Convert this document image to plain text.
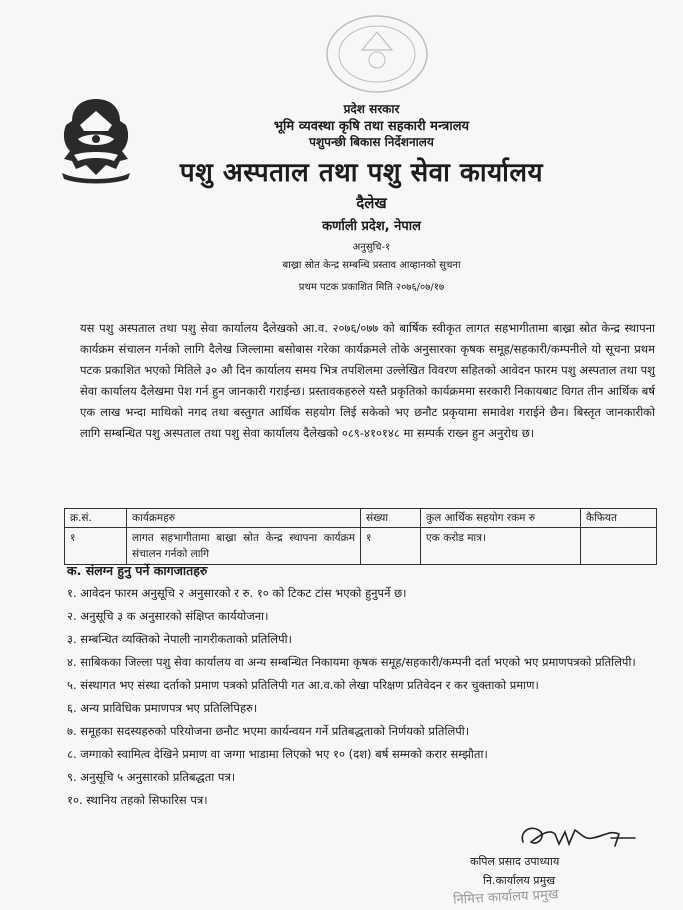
प्रदेश सरकार
भूमि व्यवस्था कृषि तथा सहकारी मन्त्रालय
पशुपन्छी बिकास निर्देशनालय
पशु अस्पताल तथा पशु सेवा कार्यालय
दैलेख
कर्णाली प्रदेश, नेपाल
अनुसुचि-१
बाख्रा स्रोत केन्द्र सम्बन्धि प्रस्ताव आव्हानको सुचना
प्रथम पटक प्रकाशित मिति २०७६/०७/१७

यस पशु अस्पताल तथा पशु सेवा कार्यालय दैलेखको आ.व. २०७६/०७७ को बार्षिक स्वीकृत लागत सहभागीतामा बाख्रा स्रोत केन्द्र स्थापना कार्यक्रम संचालन गर्नको लागि दैलेख जिल्लामा बसोबास गरेका कार्यक्रमले तोके अनुसारका कृषक समूह/सहकारी/कम्पनीले यो सूचना प्रथम पटक प्रकाशित भएको मितिले ३० औ दिन कार्यालय समय भित्र तपशिलमा उल्लेखित विवरण सहितको आवेदन फारम पशु अस्पताल तथा पशु सेवा कार्यालय दैलेखमा पेश गर्न हुन जानकारी गराईन्छ। प्रस्तावकहरुले यस्तै प्रकृतिको कार्यक्रममा सरकारी निकायबाट विगत तीन आर्थिक बर्ष एक लाख भन्दा माथिको नगद तथा बस्तुगत आर्थिक सहयोग लिई सकेको भए छनौट प्रकृयामा समावेश गराईने छैन। बिस्तृत जानकारीको लागि सम्बन्धित पशु अस्पताल तथा पशु सेवा कार्यालय दैलेखको ०८९-४१०१४८ मा सम्पर्क राख्न हुन अनुरोध छ।

क्र.सं.	कार्यक्रमहरु	संख्या	कुल आर्थिक सहयोग रकम रु	कैफियत
१	लागत सहभागीतामा बाख्रा स्रोत केन्द्र स्थापना कार्यक्रम संचालन गर्नको लागि	१	एक करोड मात्र।	
क. संलग्न हुनु पर्ने कागजातहरु
१. आवेदन फारम अनुसूचि २ अनुसारको र रु. १० को टिकट टांस भएको हुनुपर्ने छ।
२. अनुसूचि ३ क अनुसारको संक्षिप्त कार्ययोजना।
३. सम्बन्धित व्यक्तिको नेपाली नागरीकताको प्रतिलिपी।
४. साबिकका जिल्ला पशु सेवा कार्यालय वा अन्य सम्बन्धित निकायमा कृषक समूह/सहकारी/कम्पनी दर्ता भएको भए प्रमाणपत्रको प्रतिलिपी।
५. संस्थागत भए संस्था दर्ताको प्रमाण पत्रको प्रतिलिपी गत आ.व.को लेखा परिक्षण प्रतिवेदन र कर चुक्ताको प्रमाण।
६. अन्य प्राविधिक प्रमाणपत्र भए प्रतिलिपिहरु।
७. समूहका सदस्यहरुको परियोजना छनौट भएमा कार्यन्वयन गर्ने प्रतिबद्धताको निर्णयको प्रतिलिपी।
८. जग्गाको स्वामित्व देखिने प्रमाण वा जग्गा भाडामा लिएको भए १० (दश) बर्ष सम्मको करार सम्झौता।
९. अनुसूचि ५ अनुसारको प्रतिबद्धता पत्र।
१०. स्थानिय तहको सिफारिस पत्र।
कपिल प्रसाद उपाध्याय
नि.कार्यालय प्रमुख
निमित्त कार्यालय प्रमुख
